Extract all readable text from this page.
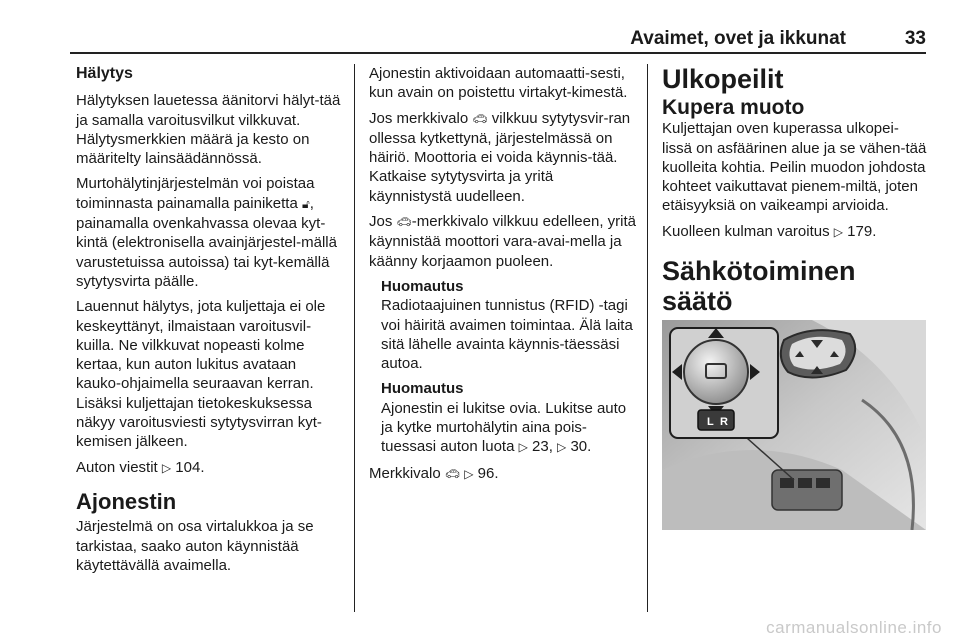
Avaimet, ovet ja ikkunat	33
Hälytys

Hälytyksen lauetessa äänitorvi hälyt-tää ja samalla varoitusvilkut vilkkuvat. Hälytysmerkkien määrä ja kesto on määritelty lainsäädännössä.

Murtohälytinjärjestelmän voi poistaa toiminnasta painamalla painiketta 🔓︎, painamalla ovenkahvassa olevaa kyt-kintä (elektronisella avainjärjestel-mällä varustetuissa autoissa) tai kyt-kemällä sytytysvirta päälle.

Lauennut hälytys, jota kuljettaja ei ole keskeyttänyt, ilmaistaan varoitusvil-kuilla. Ne vilkkuvat nopeasti kolme kertaa, kun auton lukitus avataan kauko-ohjaimella seuraavan kerran. Lisäksi kuljettajan tietokeskuksessa näkyy varoitusviesti sytytysvirran kyt-kemisen jälkeen.

Auton viestit ▷ 104.

Ajonestin

Järjestelmä on osa virtalukkoa ja se tarkistaa, saako auton käynnistää käytettävällä avaimella.

Ajonestin aktivoidaan automaatti-sesti, kun avain on poistettu virtakyt-kimestä.

Jos merkkivalo 🚗︎ vilkkuu sytytysvir-ran ollessa kytkettynä, järjestelmässä on häiriö. Moottoria ei voida käynnis-tää. Katkaise sytytysvirta ja yritä käynnistystä uudelleen.

Jos 🚗︎-merkkivalo vilkkuu edelleen, yritä käynnistää moottori vara-avai-mella ja käänny korjaamon puoleen.

Huomautus

Radiotaajuinen tunnistus (RFID) -tagi voi häiritä avaimen toimintaa. Älä laita sitä lähelle avainta käynnis-täessäsi autoa.

Huomautus

Ajonestin ei lukitse ovia. Lukitse auto ja kytke murtohälytin aina pois-tuessasi auton luota ▷ 23, ▷ 30.

Merkkivalo 🚗︎ ▷ 96.

Ulkopeilit
Kupera muoto

Kuljettajan oven kuperassa ulkopei-lissä on asfäärinen alue ja se vähen-tää kuolleita kohtia. Peilin muodon johdosta kohteet vaikuttavat pienem-miltä, joten etäisyyksiä on vaikeampi arvioida.

Kuolleen kulman varoitus ▷ 179.

Sähkötoiminen säätö
L R
carmanualsonline.info
